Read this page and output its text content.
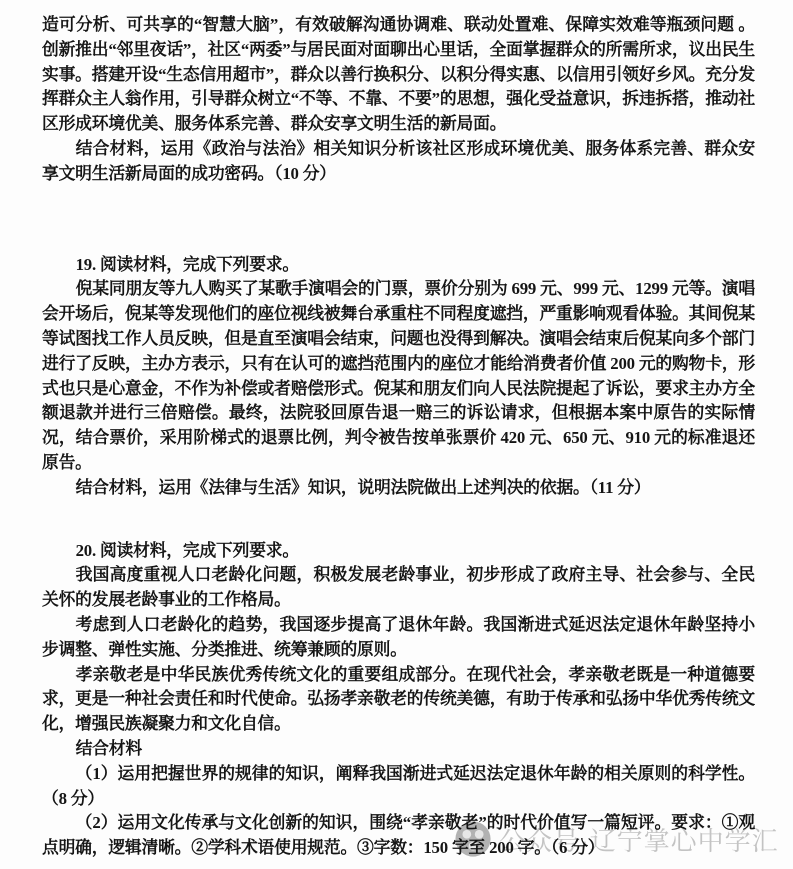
公众号·辽宁掌心中学汇

造可分析、可共享的“智慧大脑”，有效破解沟通协调难、联动处置难、保障实效难等瓶颈问题 。创新推出“邻里夜话”，社区“两委”与居民面对面聊出心里话，全面掌握群众的所需所求，议出民生实事。搭建开设“生态信用超市”，群众以善行换积分、以积分得实惠、以信用引领好乡风。充分发挥群众主人翁作用，引导群众树立“不等、不靠、不要”的思想，强化受益意识，拆违拆搭，推动社区形成环境优美、服务体系完善、群众安享文明生活的新局面。

结合材料，运用《政治与法治》相关知识分析该社区形成环境优美、服务体系完善、群众安享文明生活新局面的成功密码。（10 分）

19. 阅读材料，完成下列要求。

倪某同朋友等九人购买了某歌手演唱会的门票，票价分别为 699 元、999 元、1299 元等。演唱会开场后，倪某等发现他们的座位视线被舞台承重柱不同程度遮挡，严重影响观看体验。其间倪某等试图找工作人员反映，但是直至演唱会结束，问题也没得到解决。演唱会结束后倪某向多个部门进行了反映，主办方表示，只有在认可的遮挡范围内的座位才能给消费者价值 200 元的购物卡，形式也只是心意金，不作为补偿或者赔偿形式。倪某和朋友们向人民法院提起了诉讼，要求主办方全额退款并进行三倍赔偿。最终，法院驳回原告退一赔三的诉讼请求，但根据本案中原告的实际情况，结合票价，采用阶梯式的退票比例，判令被告按单张票价 420 元、650 元、910 元的标准退还原告。

结合材料，运用《法律与生活》知识，说明法院做出上述判决的依据。（11 分）

20. 阅读材料，完成下列要求。

我国高度重视人口老龄化问题，积极发展老龄事业，初步形成了政府主导、社会参与、全民关怀的发展老龄事业的工作格局。

考虑到人口老龄化的趋势，我国逐步提高了退休年龄。我国渐进式延迟法定退休年龄坚持小步调整、弹性实施、分类推进、统筹兼顾的原则。

孝亲敬老是中华民族优秀传统文化的重要组成部分。在现代社会，孝亲敬老既是一种道德要求，更是一种社会责任和时代使命。弘扬孝亲敬老的传统美德，有助于传承和弘扬中华优秀传统文化，增强民族凝聚力和文化自信。

结合材料

（1）运用把握世界的规律的知识，阐释我国渐进式延迟法定退休年龄的相关原则的科学性。（8 分）

（2）运用文化传承与文化创新的知识，围绕“孝亲敬老”的时代价值写一篇短评。要求：①观点明确，逻辑清晰。②学科术语使用规范。③字数：150 字至 200 字。（6 分）
